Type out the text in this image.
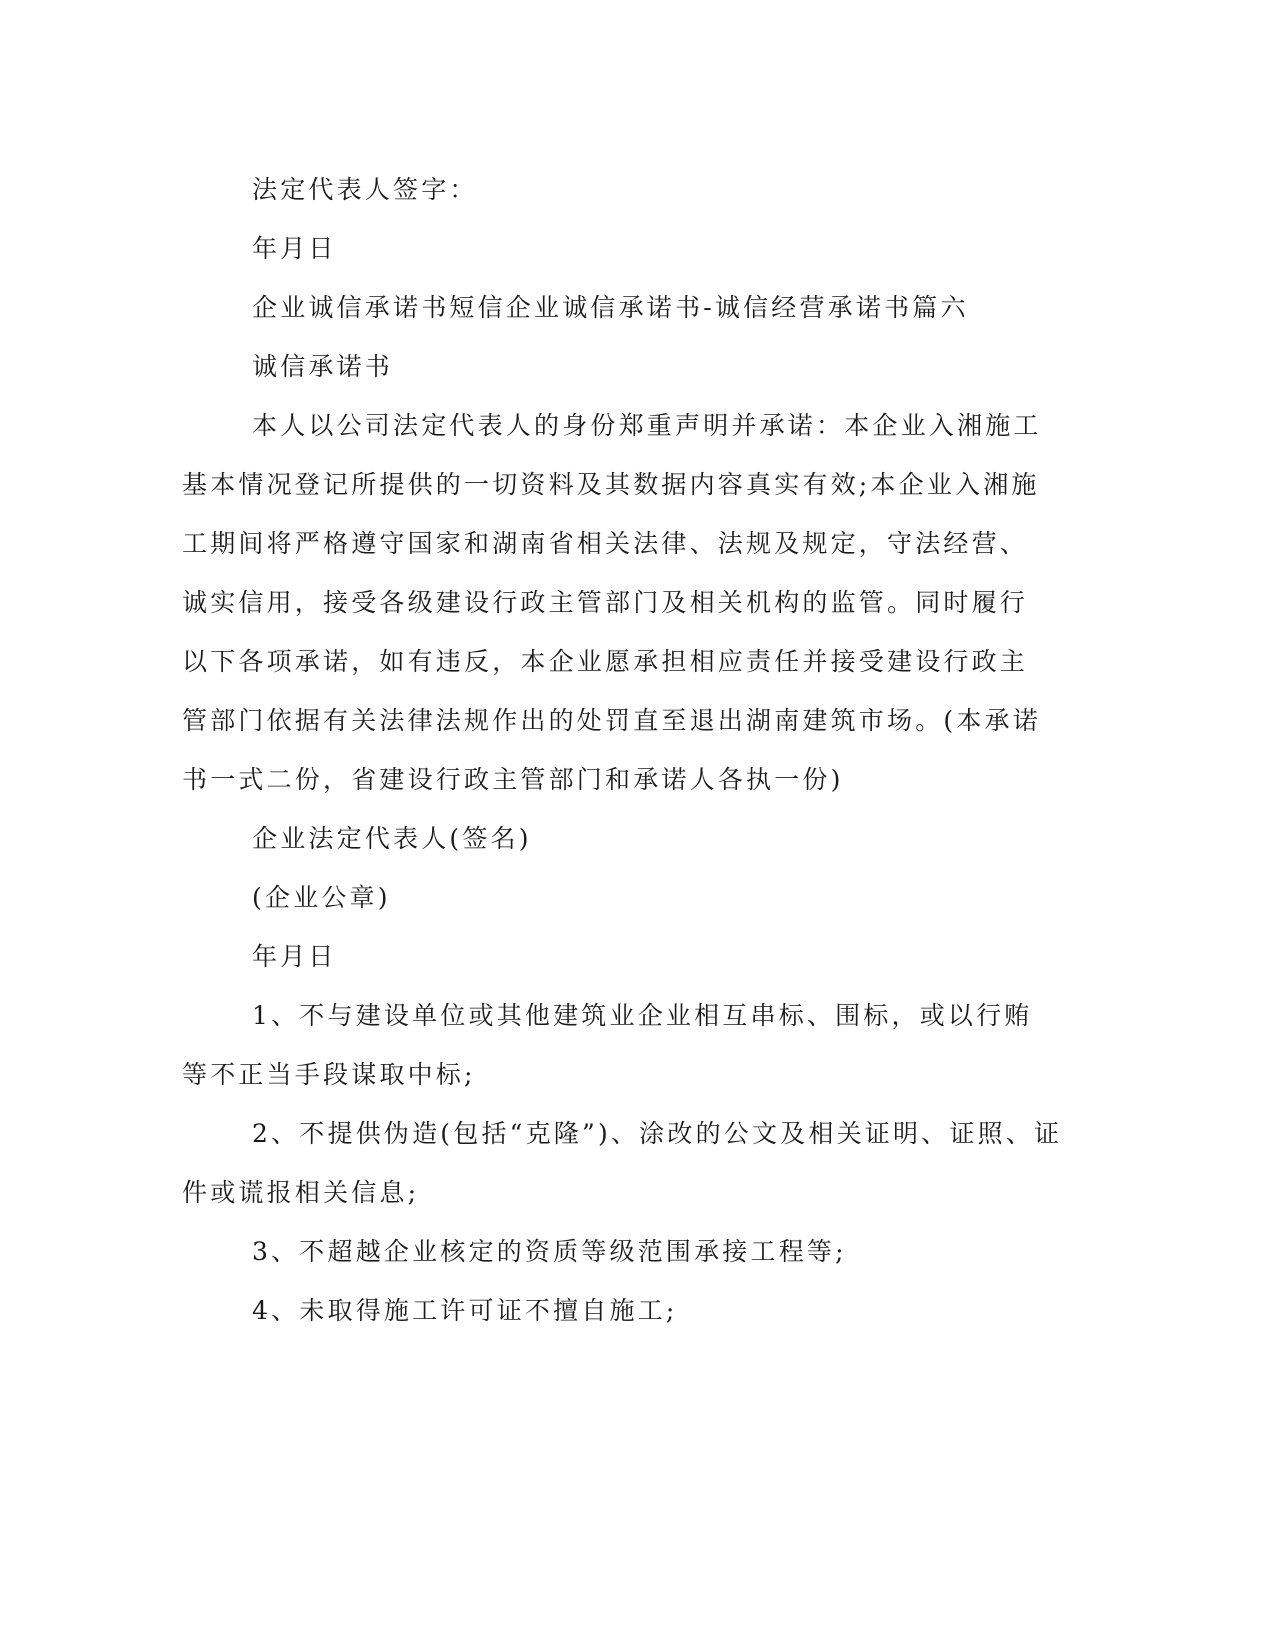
法定代表人签字：

年月日

企业诚信承诺书短信企业诚信承诺书-诚信经营承诺书篇六

诚信承诺书

本人以公司法定代表人的身份郑重声明并承诺：本企业入湘施工
基本情况登记所提供的一切资料及其数据内容真实有效;本企业入湘施
工期间将严格遵守国家和湖南省相关法律、法规及规定，守法经营、
诚实信用，接受各级建设行政主管部门及相关机构的监管。同时履行
以下各项承诺，如有违反，本企业愿承担相应责任并接受建设行政主
管部门依据有关法律法规作出的处罚直至退出湖南建筑市场。(本承诺
书一式二份，省建设行政主管部门和承诺人各执一份)

企业法定代表人(签名)

(企业公章)

年月日

1、不与建设单位或其他建筑业企业相互串标、围标，或以行贿
等不正当手段谋取中标;
2、不提供伪造(包括“克隆”)、涂改的公文及相关证明、证照、证
件或谎报相关信息;

3、不超越企业核定的资质等级范围承接工程等;

4、未取得施工许可证不擅自施工;
